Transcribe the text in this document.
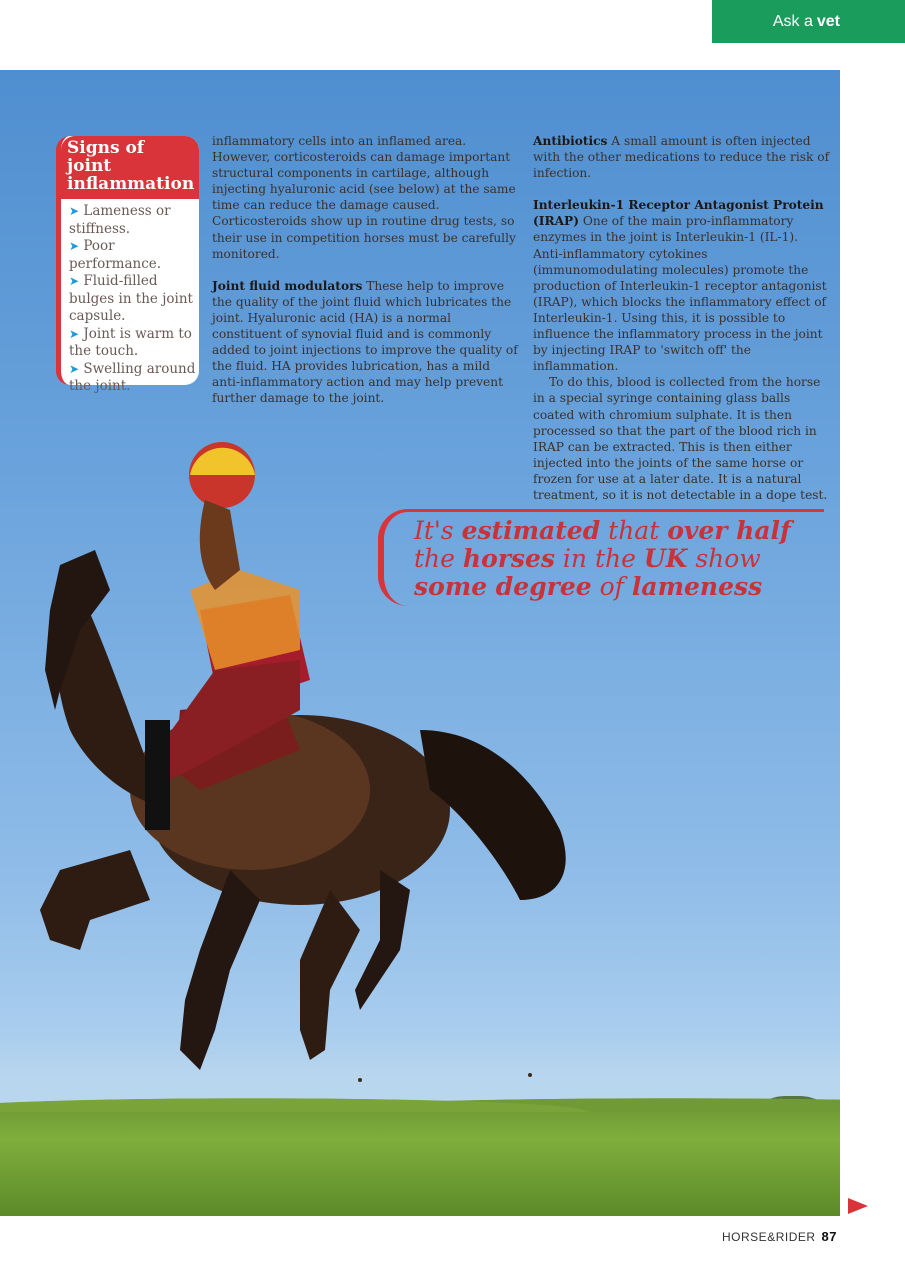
Ask a vet
Signs of joint inflammation
➤ Lameness or stiffness.
➤ Poor performance.
➤ Fluid-filled bulges in the joint capsule.
➤ Joint is warm to the touch.
➤ Swelling around the joint.

inflammatory cells into an inflamed area. However, corticosteroids can damage important structural components in cartilage, although injecting hyaluronic acid (see below) at the same time can reduce the damage caused. Corticosteroids show up in routine drug tests, so their use in competition horses must be carefully monitored.

Joint fluid modulators These help to improve the quality of the joint fluid which lubricates the joint. Hyaluronic acid (HA) is a normal constituent of synovial fluid and is commonly added to joint injections to improve the quality of the fluid. HA provides lubrication, has a mild anti-inflammatory action and may help prevent further damage to the joint.

Antibiotics A small amount is often injected with the other medications to reduce the risk of infection.

Interleukin-1 Receptor Antagonist Protein (IRAP) One of the main pro-inflammatory enzymes in the joint is Interleukin-1 (IL-1). Anti-inflammatory cytokines (immunomodulating molecules) promote the production of Interleukin-1 receptor antagonist (IRAP), which blocks the inflammatory effect of Interleukin-1. Using this, it is possible to influence the inflammatory process in the joint by injecting IRAP to 'switch off' the inflammation.

To do this, blood is collected from the horse in a special syringe containing glass balls coated with chromium sulphate. It is then processed so that the part of the blood rich in IRAP can be extracted. This is then either injected into the joints of the same horse or frozen for use at a later date. It is a natural treatment, so it is not detectable in a dope test.

It's estimated that over half
the horses in the UK show
some degree of lameness
HORSE&RIDER 87
